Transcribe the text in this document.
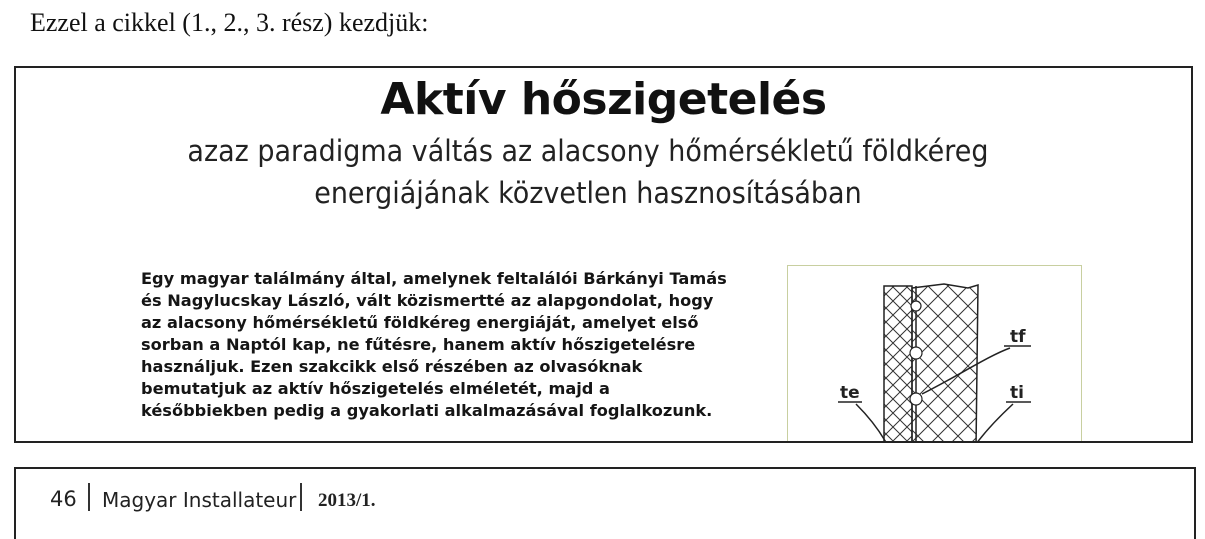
Ezzel a cikkel (1., 2., 3. rész) kezdjük:
Aktív hőszigetelés
azaz paradigma váltás az alacsony hőmérsékletű földkéreg
energiájának közvetlen hasznosításában
Egy magyar találmány által, amelynek feltalálói Bárkányi Tamás
és Nagylucskay László, vált közismertté az alapgondolat, hogy
az alacsony hőmérsékletű földkéreg energiáját, amelyet első
sorban a Naptól kap, ne fűtésre, hanem aktív hőszigetelésre
használjuk. Ezen szakcikk első részében az olvasóknak
bemutatjuk az aktív hőszigetelés elméletét, majd a
későbbiekben pedig a gyakorlati alkalmazásával foglalkozunk.
tf
te	ti
46 Magyar Installateur 2013/1.
